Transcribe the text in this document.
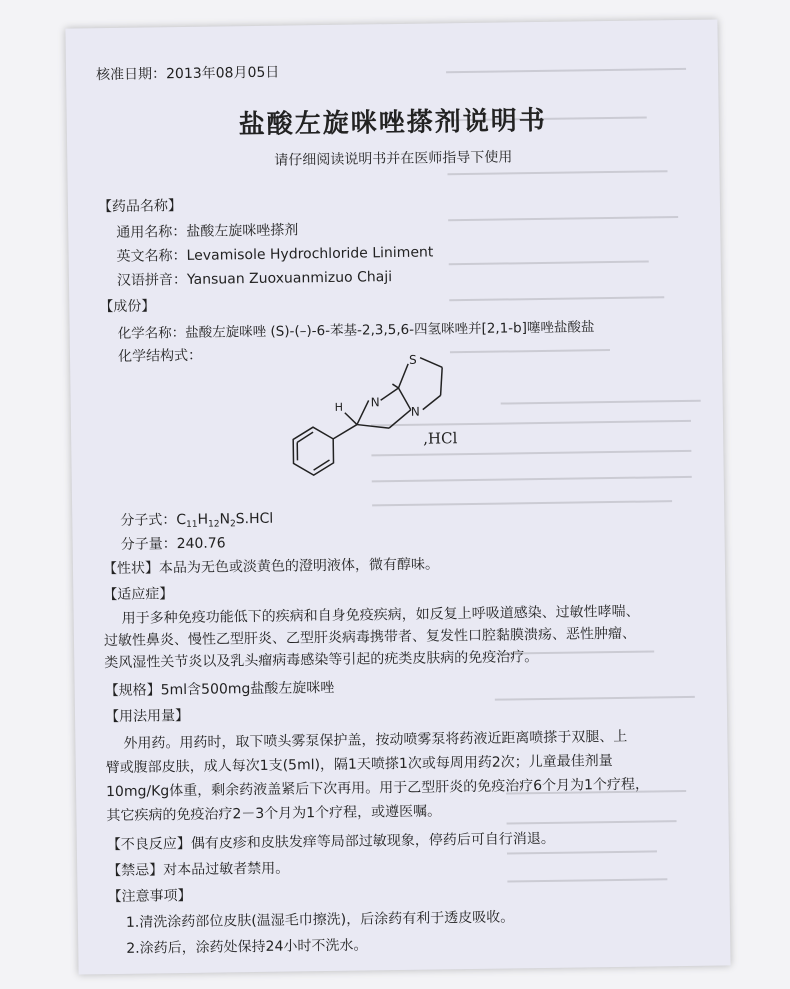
核准日期：2013年08月05日
盐酸左旋咪唑搽剂说明书
请仔细阅读说明书并在医师指导下使用
【药品名称】
通用名称：盐酸左旋咪唑搽剂
英文名称：Levamisole Hydrochloride Liniment
汉语拼音：Yansuan Zuoxuanmizuo Chaji
【成份】
化学名称：盐酸左旋咪唑 (S)-(–)-6-苯基-2,3,5,6-四氢咪唑并[2,1-b]噻唑盐酸盐
化学结构式：
N
N
S
H
,HCl
分子式：$C_{11}H_{12}N_2S.HCl$
分子量：240.76
【性状】本品为无色或淡黄色的澄明液体，微有醇味。
【适应症】
用于多种免疫功能低下的疾病和自身免疫疾病，如反复上呼吸道感染、过敏性哮喘、
过敏性鼻炎、慢性乙型肝炎、乙型肝炎病毒携带者、复发性口腔黏膜溃疡、恶性肿瘤、
类风湿性关节炎以及乳头瘤病毒感染等引起的疣类皮肤病的免疫治疗。
【规格】5ml含500mg盐酸左旋咪唑
【用法用量】
外用药。用药时，取下喷头雾泵保护盖，按动喷雾泵将药液近距离喷搽于双腿、上
臂或腹部皮肤，成人每次1支(5ml)，隔1天喷搽1次或每周用药2次；儿童最佳剂量
10mg/Kg体重，剩余药液盖紧后下次再用。用于乙型肝炎的免疫治疗6个月为1个疗程，
其它疾病的免疫治疗2－3个月为1个疗程，或遵医嘱。
【不良反应】偶有皮疹和皮肤发痒等局部过敏现象，停药后可自行消退。
【禁忌】对本品过敏者禁用。
【注意事项】
1.清洗涂药部位皮肤(温湿毛巾擦洗)，后涂药有利于透皮吸收。
2.涂药后，涂药处保持24小时不洗水。
